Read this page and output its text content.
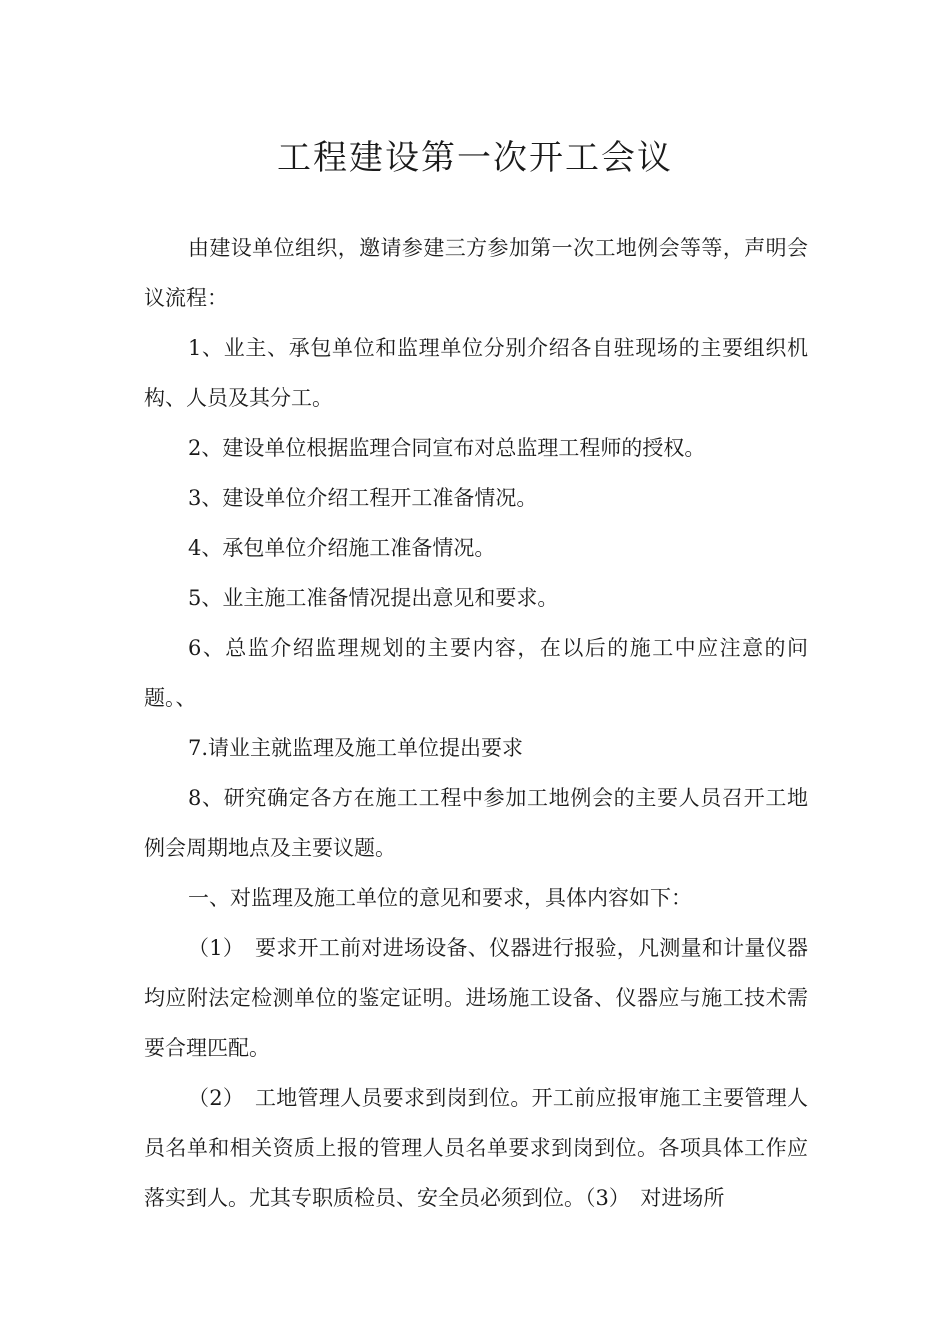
工程建设第一次开工会议

由建设单位组织，邀请参建三方参加第一次工地例会等等，声明会议流程：

1、业主、承包单位和监理单位分别介绍各自驻现场的主要组织机构、人员及其分工。

2、建设单位根据监理合同宣布对总监理工程师的授权。

3、建设单位介绍工程开工准备情况。

4、承包单位介绍施工准备情况。

5、业主施工准备情况提出意见和要求。

6、总监介绍监理规划的主要内容，在以后的施工中应注意的问题。、

7.请业主就监理及施工单位提出要求

8、研究确定各方在施工工程中参加工地例会的主要人员召开工地例会周期地点及主要议题。

一、对监理及施工单位的意见和要求，具体内容如下：

（1）　要求开工前对进场设备、仪器进行报验，凡测量和计量仪器均应附法定检测单位的鉴定证明。进场施工设备、仪器应与施工技术需要合理匹配。

（2）　工地管理人员要求到岗到位。开工前应报审施工主要管理人员名单和相关资质上报的管理人员名单要求到岗到位。各项具体工作应落实到人。尤其专职质检员、安全员必须到位。（3）　对进场所
